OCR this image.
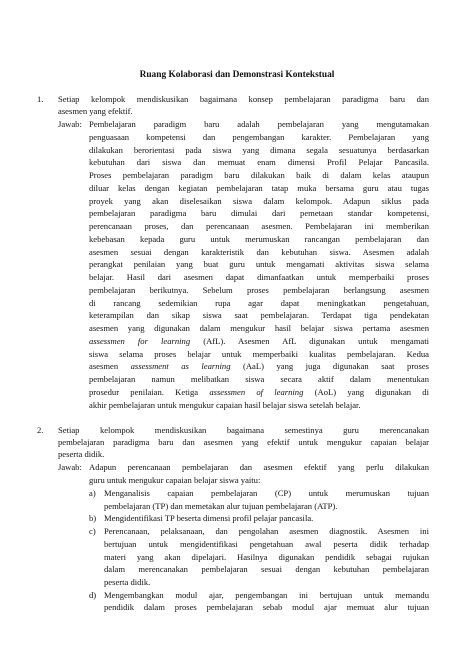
Ruang Kolaborasi dan Demonstrasi Kontekstual
1. Setiap kelompok mendiskusikan bagaimana konsep pembelajaran paradigma baru dan
asesmen yang efektif.
Jawab: Pembelajaran paradigm baru adalah pembelajaran yang mengutamakan
penguasaan kompetensi dan pengembangan karakter. Pembelajaran yang
dilakukan berorientasi pada siswa yang dimana segala sesuatunya berdasarkan
kebutuhan dari siswa dan memuat enam dimensi Profil Pelajar Pancasila.
Proses pembelajaran paradigm baru dilakukan baik di dalam kelas ataupun
diluar kelas dengan kegiatan pembelajaran tatap muka bersama guru atau tugas
proyek yang akan diselesaikan siswa dalam kelompok. Adapun siklus pada
pembelajaran paradigma baru dimulai dari pemetaan standar kompetensi,
perencanaan proses, dan perencanaan asesmen. Pembelajaran ini memberikan
kebebasan kepada guru untuk merumuskan rancangan pembelajaran dan
asesmen sesuai dengan karakteristik dan kebutuhan siswa. Asesmen adalah
perangkat penilaian yang buat guru untuk mengamati aktivitas siswa selama
belajar. Hasil dari asesmen dapat dimanfaatkan untuk memperbaiki proses
pembelajaran berikutnya. Sebelum proses pembelajaran berlangsung asesmen
di rancang sedemikian rupa agar dapat meningkatkan pengetahuan,
keterampilan dan sikap siswa saat pembelajaran. Terdapat tiga pendekatan
asesmen yang digunakan dalam mengukur hasil belajar siswa pertama asesmen
assessmen for learning (AfL). Asesmen AfL digunakan untuk mengamati
siswa selama proses belajar untuk memperbaiki kualitas pembelajaran. Kedua
asesmen assessment as learning (AaL) yang juga digunakan saat proses
pembelajaran namun melibatkan siswa secara aktif dalam menentukan
prosedur penilaian. Ketiga assessmen of learning (AoL) yang digunakan di
akhir pembelajaran untuk mengukur capaian hasil belajar siswa setelah belajar.
2. Setiap kelompok mendiskusikan bagaimana semestinya guru merencanakan
pembelajaran paradigma baru dan asesmen yang efektif untuk mengukur capaian belajar
peserta didik.
Jawab: Adapun perencanaan pembelajaran dan asesmen efektif yang perlu dilakukan
guru untuk mengukur capaian belajar siswa yaitu:
a) Menganalisis capaian pembelajaran (CP) untuk merumuskan tujuan
pembelajaran (TP) dan memetakan alur tujuan pembelajaran (ATP).
b) Mengidentifikasi TP beserta dimensi profil pelajar pancasila.
c) Perencanaan, pelaksanaan, dan pengolahan asesmen diagnostik. Asesmen ini
bertujuan untuk mengidentifikasi pengetahuan awal peserta didik terhadap
materi yang akan dipelajari. Hasilnya digunakan pendidik sebagai rujukan
dalam merencanakan pembelajaran sesuai dengan kebutuhan pembelajaran
peserta didik.
d) Mengembangkan modul ajar, pengembangan ini bertujuan untuk memandu
pendidik dalam proses pembelajaran sebab modul ajar memuat alur tujuan
